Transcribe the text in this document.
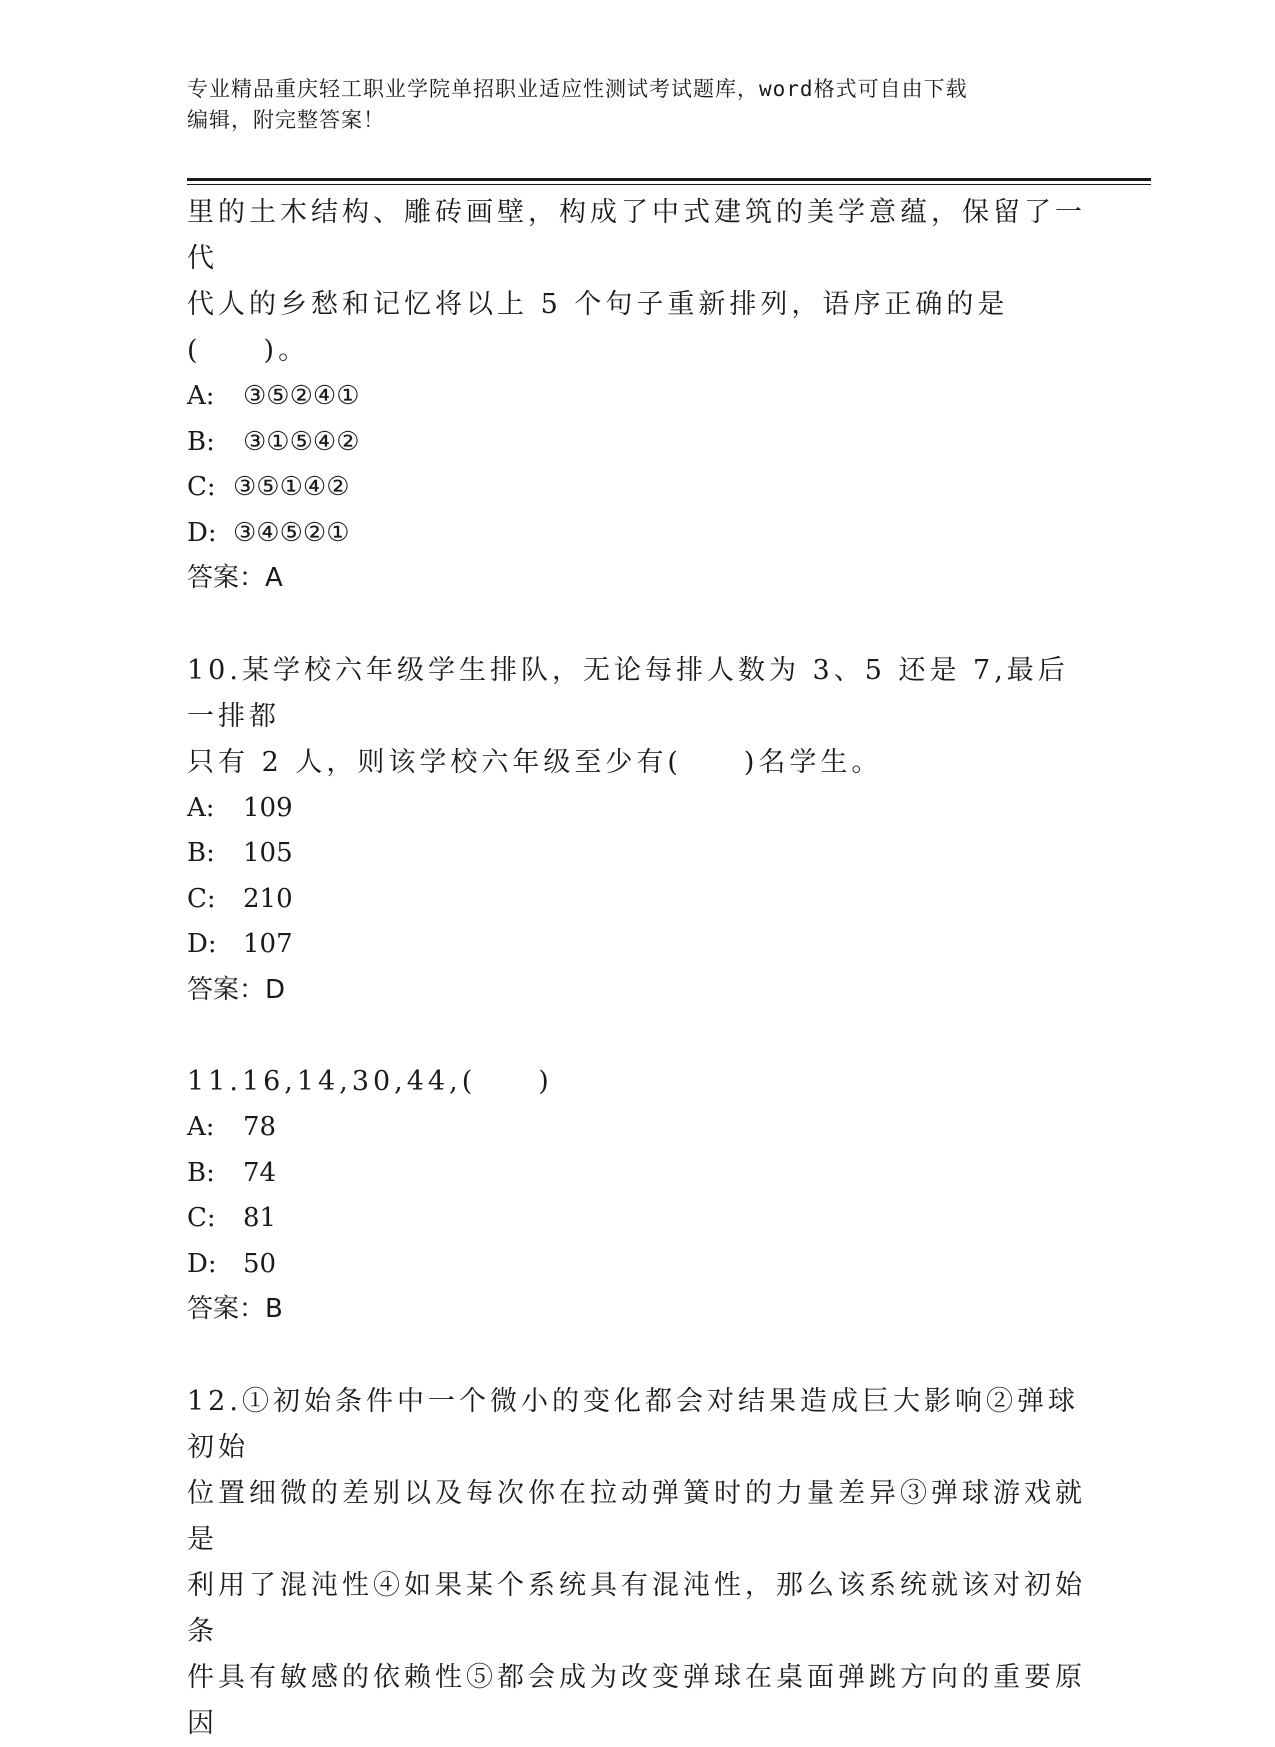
专业精品重庆轻工职业学院单招职业适应性测试考试题库，word格式可自由下载
编辑，附完整答案！

里的土木结构、雕砖画壁，构成了中式建筑的美学意蕴，保留了一代

代人的乡愁和记忆将以上 5 个句子重新排列，语序正确的是(　　)。

A: ③⑤②④①

B: ③①⑤④②

C: ③⑤①④②

D: ③④⑤②①

答案：A

10.某学校六年级学生排队，无论每排人数为 3、5 还是 7,最后一排都

只有 2 人，则该学校六年级至少有(　　)名学生。

A: 109

B: 105

C: 210

D: 107

答案：D

11.16,14,30,44,(　　)

A: 78

B: 74

C: 81

D: 50

答案：B

12.①初始条件中一个微小的变化都会对结果造成巨大影响②弹球初始

位置细微的差别以及每次你在拉动弹簧时的力量差异③弹球游戏就是

利用了混沌性④如果某个系统具有混沌性，那么该系统就该对初始条

件具有敏感的依赖性⑤都会成为改变弹球在桌面弹跳方向的重要原因
